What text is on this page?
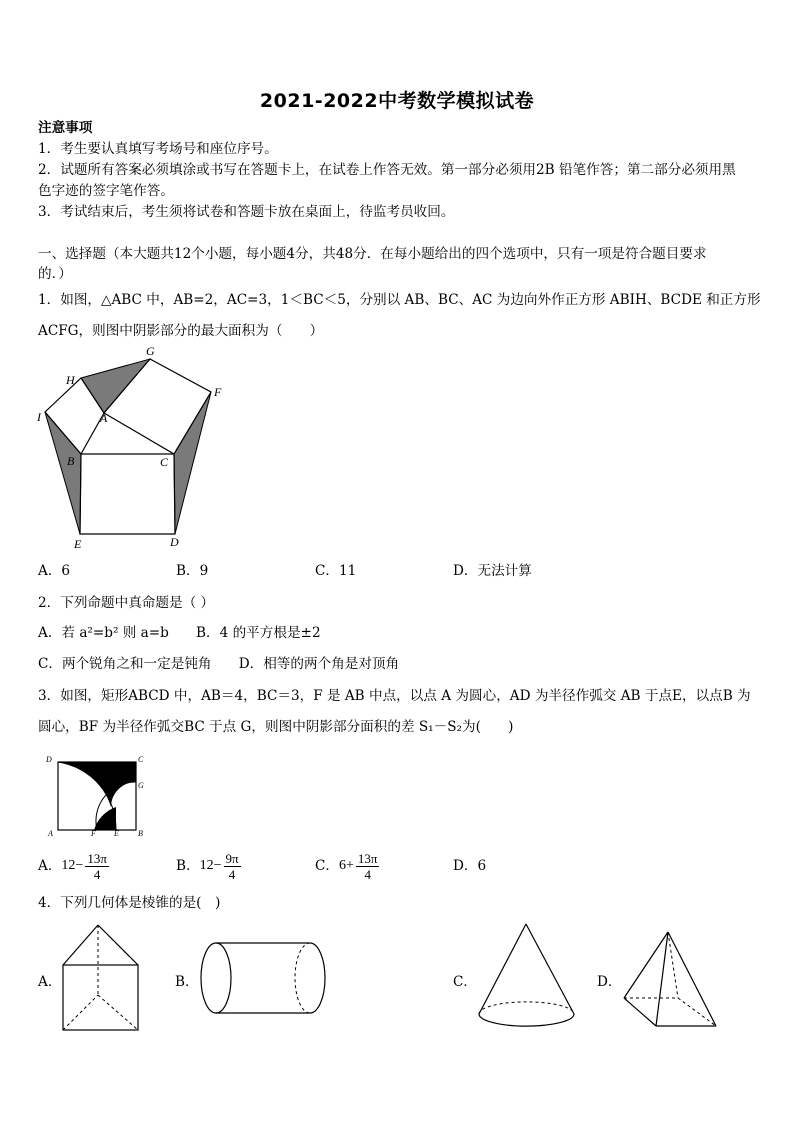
2021-2022中考数学模拟试卷
注意事项
1．考生要认真填写考场号和座位序号。
2．试题所有答案必须填涂或书写在答题卡上，在试卷上作答无效。第一部分必须用2B 铅笔作答；第二部分必须用黑
色字迹的签字笔作答。
3．考试结束后，考生须将试卷和答题卡放在桌面上，待监考员收回。
一、选择题（本大题共12个小题，每小题4分，共48分．在每小题给出的四个选项中，只有一项是符合题目要求
的．）
1．如图，△ABC 中，AB=2，AC=3，1＜BC＜5，分别以 AB、BC、AC 为边向外作正方形 ABIH、BCDE 和正方形
ACFG，则图中阴影部分的最大面积为（　　）
G
H
F
I	A
B	C
E	D
A．6	B．9	C．11	D．无法计算
2．下列命题中真命题是（ ）
A．若 a²=b² 则 a=b　　B．4 的平方根是±2
C．两个锐角之和一定是钝角　　D．相等的两个角是对顶角
3．如图，矩形ABCD 中，AB＝4，BC＝3，F 是 AB 中点，以点 A 为圆心，AD 为半径作弧交 AB 于点E，以点B 为
圆心，BF 为半径作弧交BC 于点 G，则图中阴影部分面积的差 S₁－S₂为(　　)
D	C
G
A	F E B
A． $12- \frac{13\pi}{4}$	B． $12- \frac{9\pi}{4}$	C． $6+ \frac{13\pi}{4}$	D．6
4．下列几何体是棱锥的是(　)
A．	B．	C．	D．
